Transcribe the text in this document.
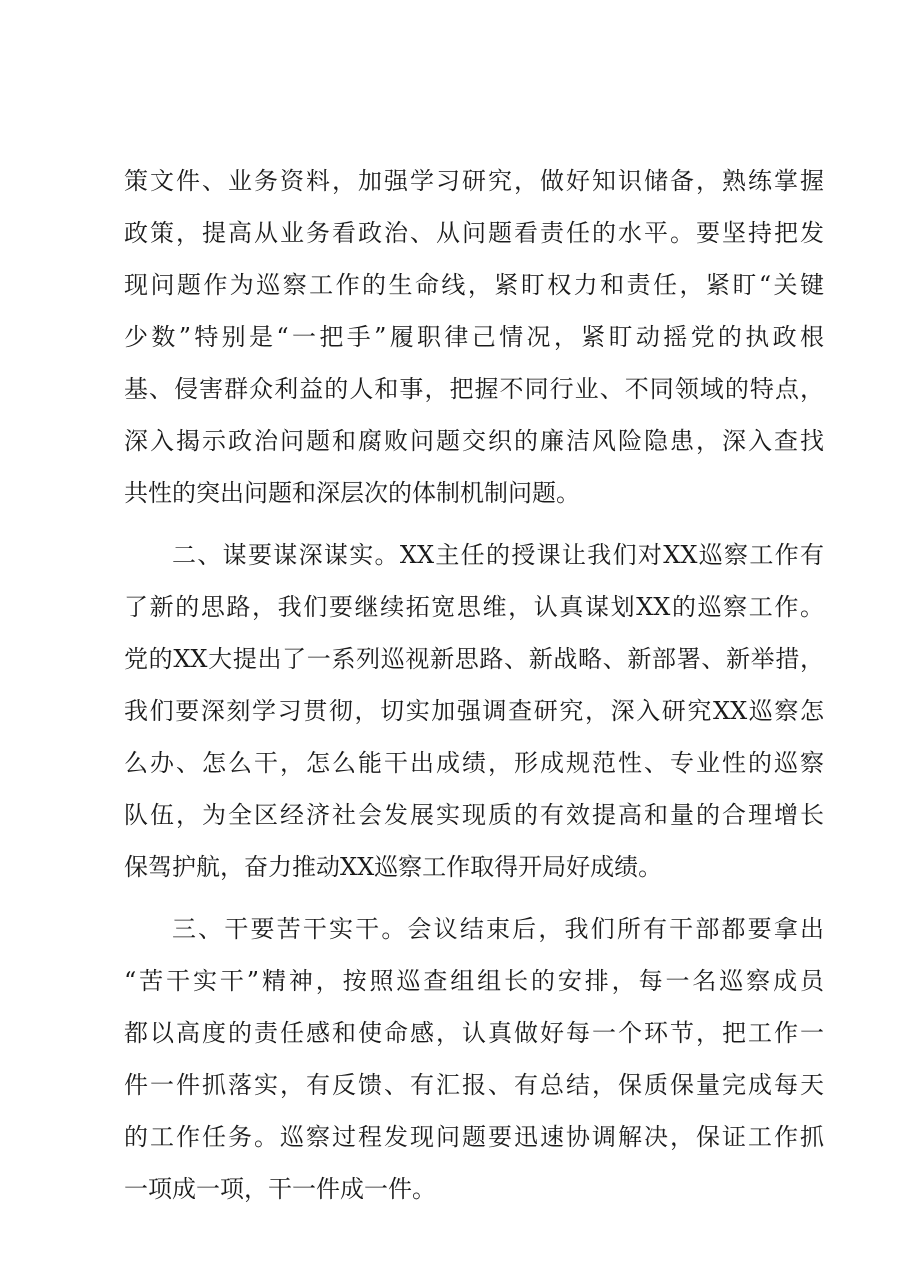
策文件、业务资料，加强学习研究，做好知识储备，熟练掌握
政策，提高从业务看政治、从问题看责任的水平。要坚持把发
现问题作为巡察工作的生命线，紧盯权力和责任，紧盯“关键
少数”特别是“一把手”履职律己情况，紧盯动摇党的执政根
基、侵害群众利益的人和事，把握不同行业、不同领域的特点，
深入揭示政治问题和腐败问题交织的廉洁风险隐患，深入查找
共性的突出问题和深层次的体制机制问题。
二、谋要谋深谋实。XX主任的授课让我们对XX巡察工作有
了新的思路，我们要继续拓宽思维，认真谋划XX的巡察工作。
党的XX大提出了一系列巡视新思路、新战略、新部署、新举措，
我们要深刻学习贯彻，切实加强调查研究，深入研究XX巡察怎
么办、怎么干，怎么能干出成绩，形成规范性、专业性的巡察
队伍，为全区经济社会发展实现质的有效提高和量的合理增长
保驾护航，奋力推动XX巡察工作取得开局好成绩。
三、干要苦干实干。会议结束后，我们所有干部都要拿出
“苦干实干”精神，按照巡查组组长的安排，每一名巡察成员
都以高度的责任感和使命感，认真做好每一个环节，把工作一
件一件抓落实，有反馈、有汇报、有总结，保质保量完成每天
的工作任务。巡察过程发现问题要迅速协调解决，保证工作抓
一项成一项，干一件成一件。
